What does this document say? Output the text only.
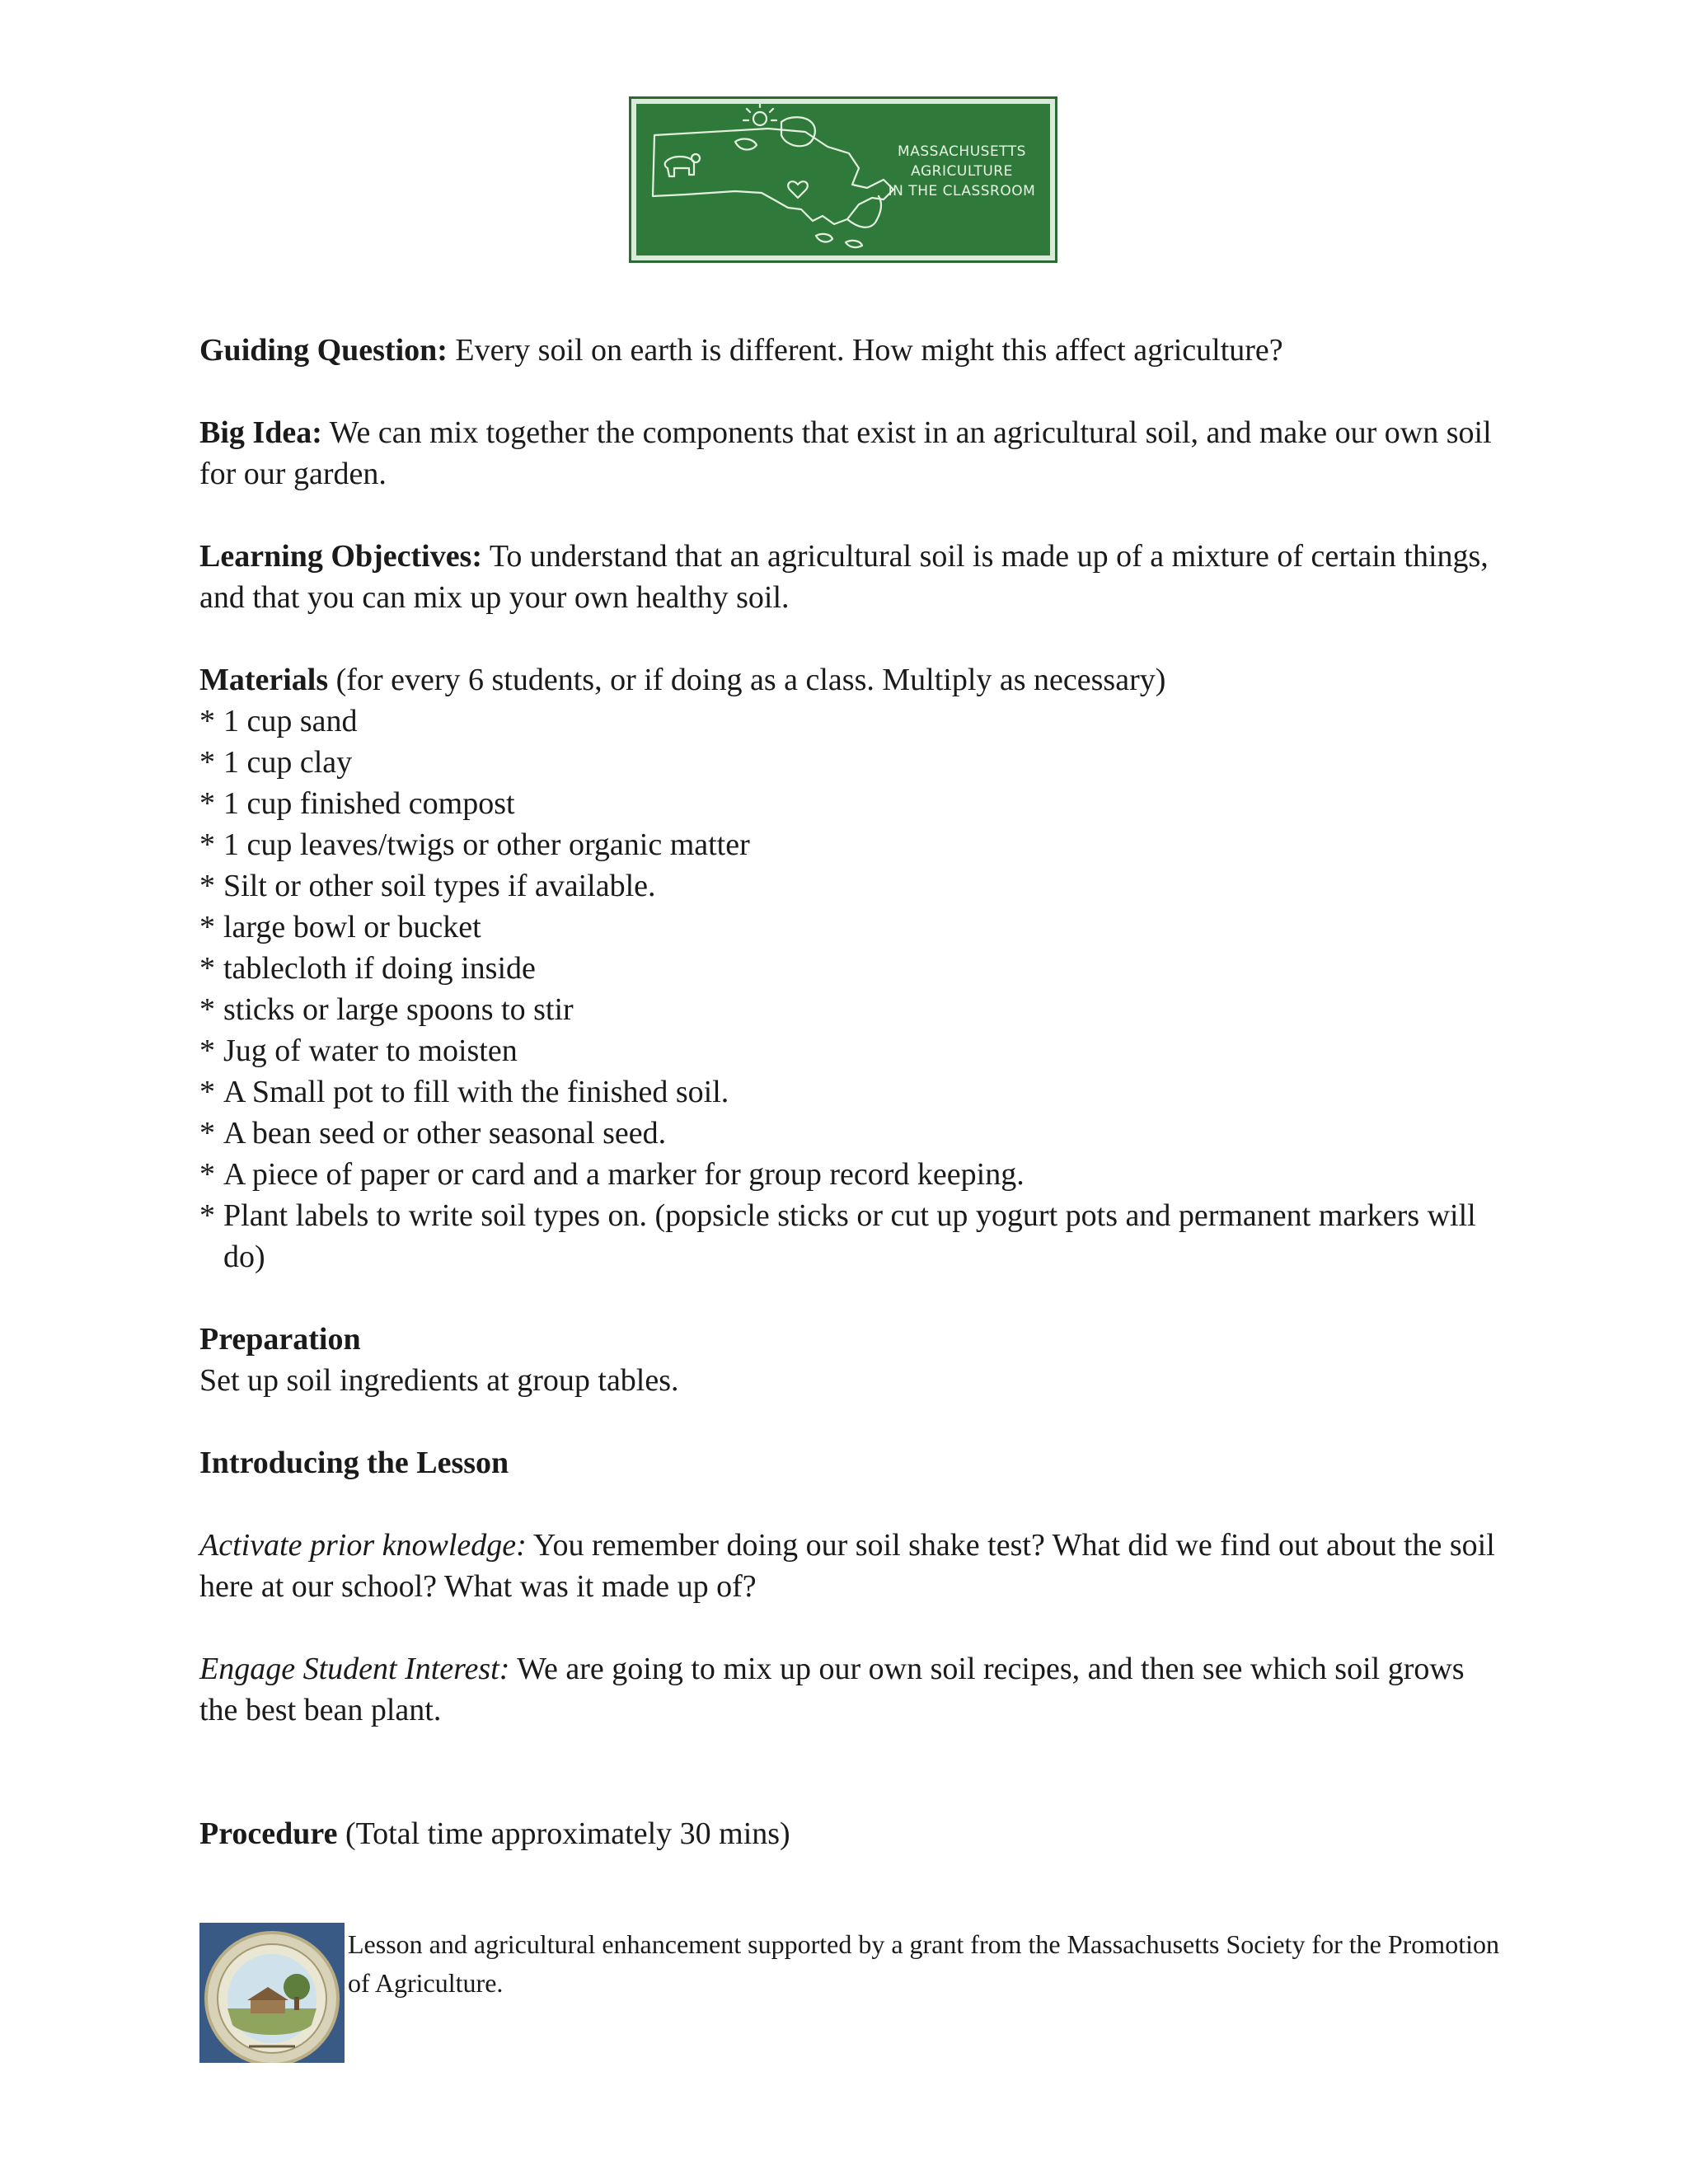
MASSACHUSETTS
AGRICULTURE
IN THE CLASSROOM

Guiding Question: Every soil on earth is different. How might this affect agriculture?

Big Idea: We can mix together the components that exist in an agricultural soil, and make our own soil for our garden.

Learning Objectives: To understand that an agricultural soil is made up of a mixture of certain things, and that you can mix up your own healthy soil.

Materials (for every 6 students, or if doing as a class. Multiply as necessary)

* 1 cup sand
* 1 cup clay
* 1 cup finished compost
* 1 cup leaves/twigs or other organic matter
* Silt or other soil types if available.
* large bowl or bucket
* tablecloth if doing inside
* sticks or large spoons to stir
* Jug of water to moisten
* A Small pot to fill with the finished soil.
* A bean seed or other seasonal seed.
* A piece of paper or card and a marker for group record keeping.
* Plant labels to write soil types on. (popsicle sticks or cut up yogurt pots and permanent markers will do)

Preparation

Set up soil ingredients at group tables.

Introducing the Lesson

Activate prior knowledge: You remember doing our soil shake test? What did we find out about the soil here at our school? What was it made up of?

Engage Student Interest: We are going to mix up our own soil recipes, and then see which soil grows the best bean plant.

Procedure (Total time approximately 30 mins)

Lesson and agricultural enhancement supported by a grant from the Massachusetts Society for the Promotion of Agriculture.
